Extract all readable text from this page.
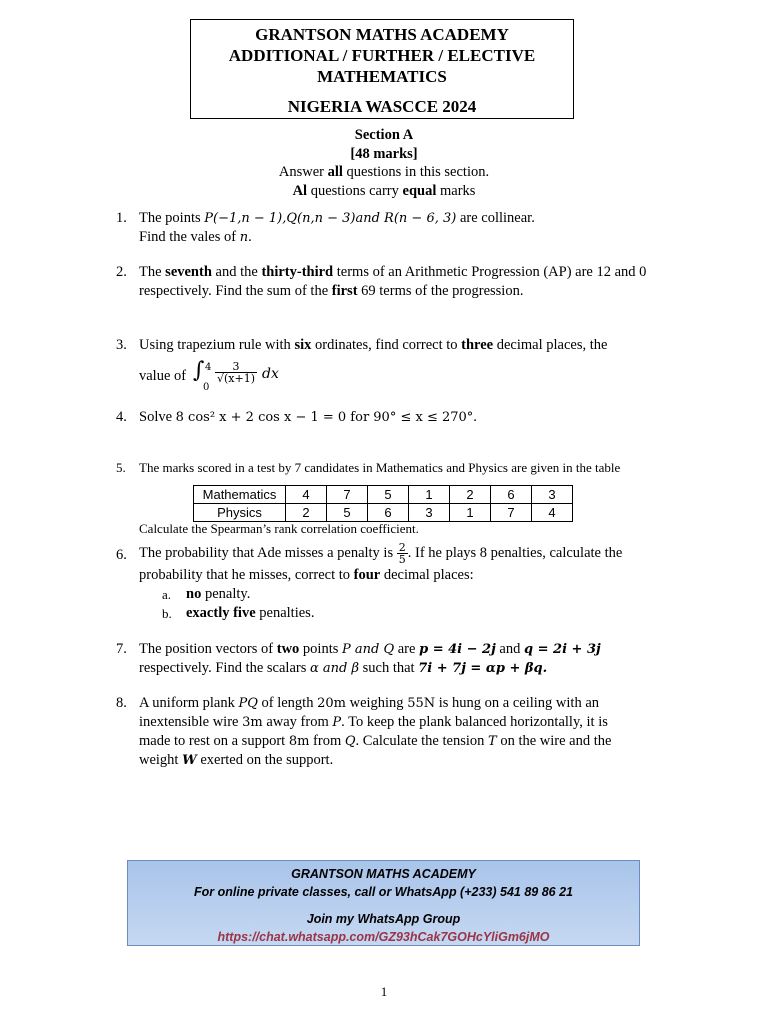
GRANTSON MATHS ACADEMY
ADDITIONAL / FURTHER / ELECTIVE
MATHEMATICS
NIGERIA WASCCE 2024
Section A
[48 marks]
Answer all questions in this section.
Al questions carry equal marks
1. The points P(−1,n − 1),Q(n,n − 3)and R(n − 6, 3) are collinear.
Find the vales of n.
2. The seventh and the thirty-third terms of an Arithmetic Progression (AP) are 12 and 0 respectively. Find the sum of the first 69 terms of the progression.
3. Using trapezium rule with six ordinates, find correct to three decimal places, the
value of ∫ 4
0
$\frac{3}{√(x+1)}$ dx
4. Solve 8 cos² x + 2 cos x − 1 = 0 for 90° ≤ x ≤ 270°.
5. The marks scored in a test by 7 candidates in Mathematics and Physics are given in the table
Mathematics	4	7	5	1	2	6	3
Physics	2	5	6	3	1	7	4
Calculate the Spearman’s rank correlation coefficient.
6. The probability that Ade misses a penalty is $\frac{2}{5}$ . If he plays 8 penalties, calculate the
probability that he misses, correct to four decimal places:
a. no penalty.
b. exactly five penalties.
7. The position vectors of two points P and Q are p = 4i − 2j and q = 2i + 3j
respectively. Find the scalars α and β such that 7i + 7j = αp + βq.
8. A uniform plank PQ of length 20m weighing 55N is hung on a ceiling with an
inextensible wire 3m away from P. To keep the plank balanced horizontally, it is
made to rest on a support 8m from Q. Calculate the tension T on the wire and the
weight W exerted on the support.
GRANTSON MATHS ACADEMY
For online private classes, call or WhatsApp (+233) 541 89 86 21
Join my WhatsApp Group
https://chat.whatsapp.com/GZ93hCak7GOHcYliGm6jMO
1
